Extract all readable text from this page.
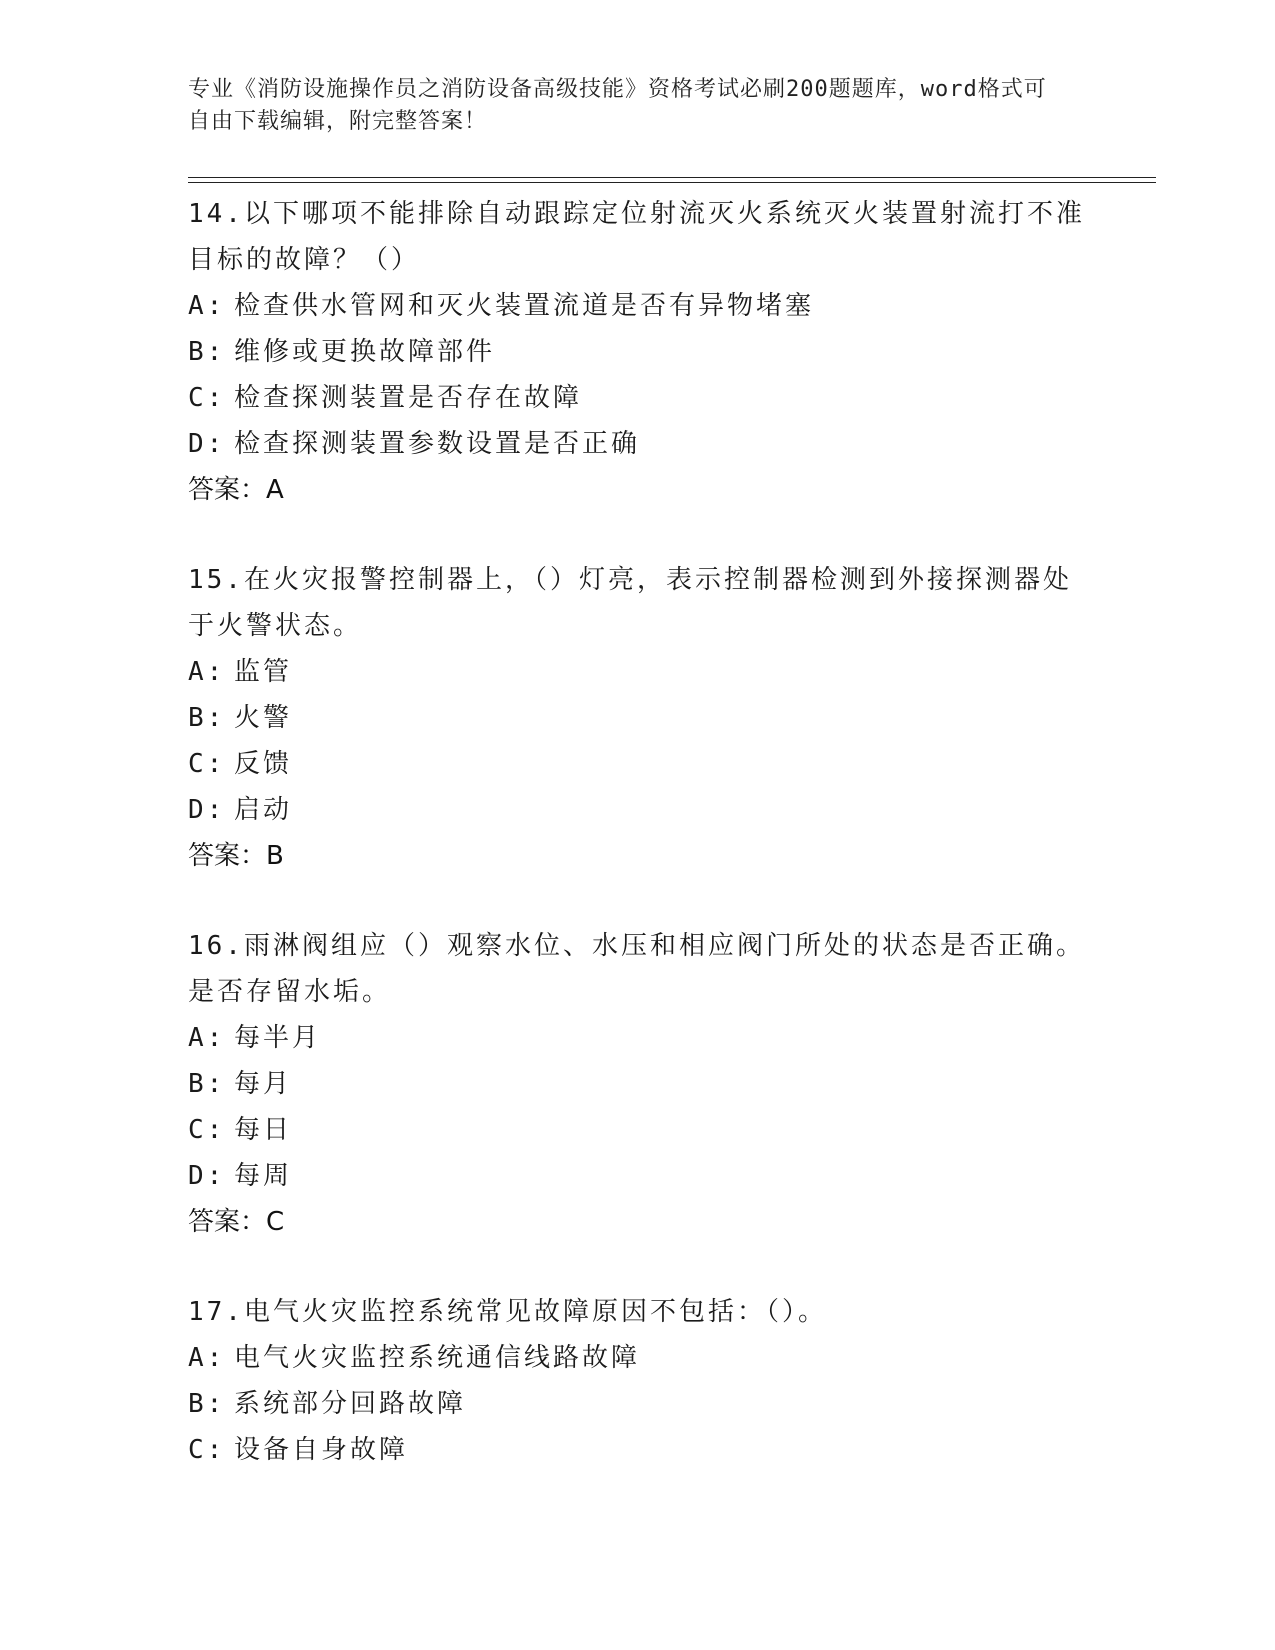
专业《消防设施操作员之消防设备高级技能》资格考试必刷200题题库，word格式可自由下载编辑，附完整答案！
14.以下哪项不能排除自动跟踪定位射流灭火系统灭火装置射流打不准目标的故障？（）
A: 检查供水管网和灭火装置流道是否有异物堵塞
B: 维修或更换故障部件
C: 检查探测装置是否存在故障
D: 检查探测装置参数设置是否正确
答案：A
15.在火灾报警控制器上，（）灯亮，表示控制器检测到外接探测器处于火警状态。
A: 监管
B: 火警
C: 反馈
D: 启动
答案：B
16.雨淋阀组应（）观察水位、水压和相应阀门所处的状态是否正确。是否存留水垢。
A: 每半月
B: 每月
C: 每日
D: 每周
答案：C
17.电气火灾监控系统常见故障原因不包括：（）。
A: 电气火灾监控系统通信线路故障
B: 系统部分回路故障
C: 设备自身故障
